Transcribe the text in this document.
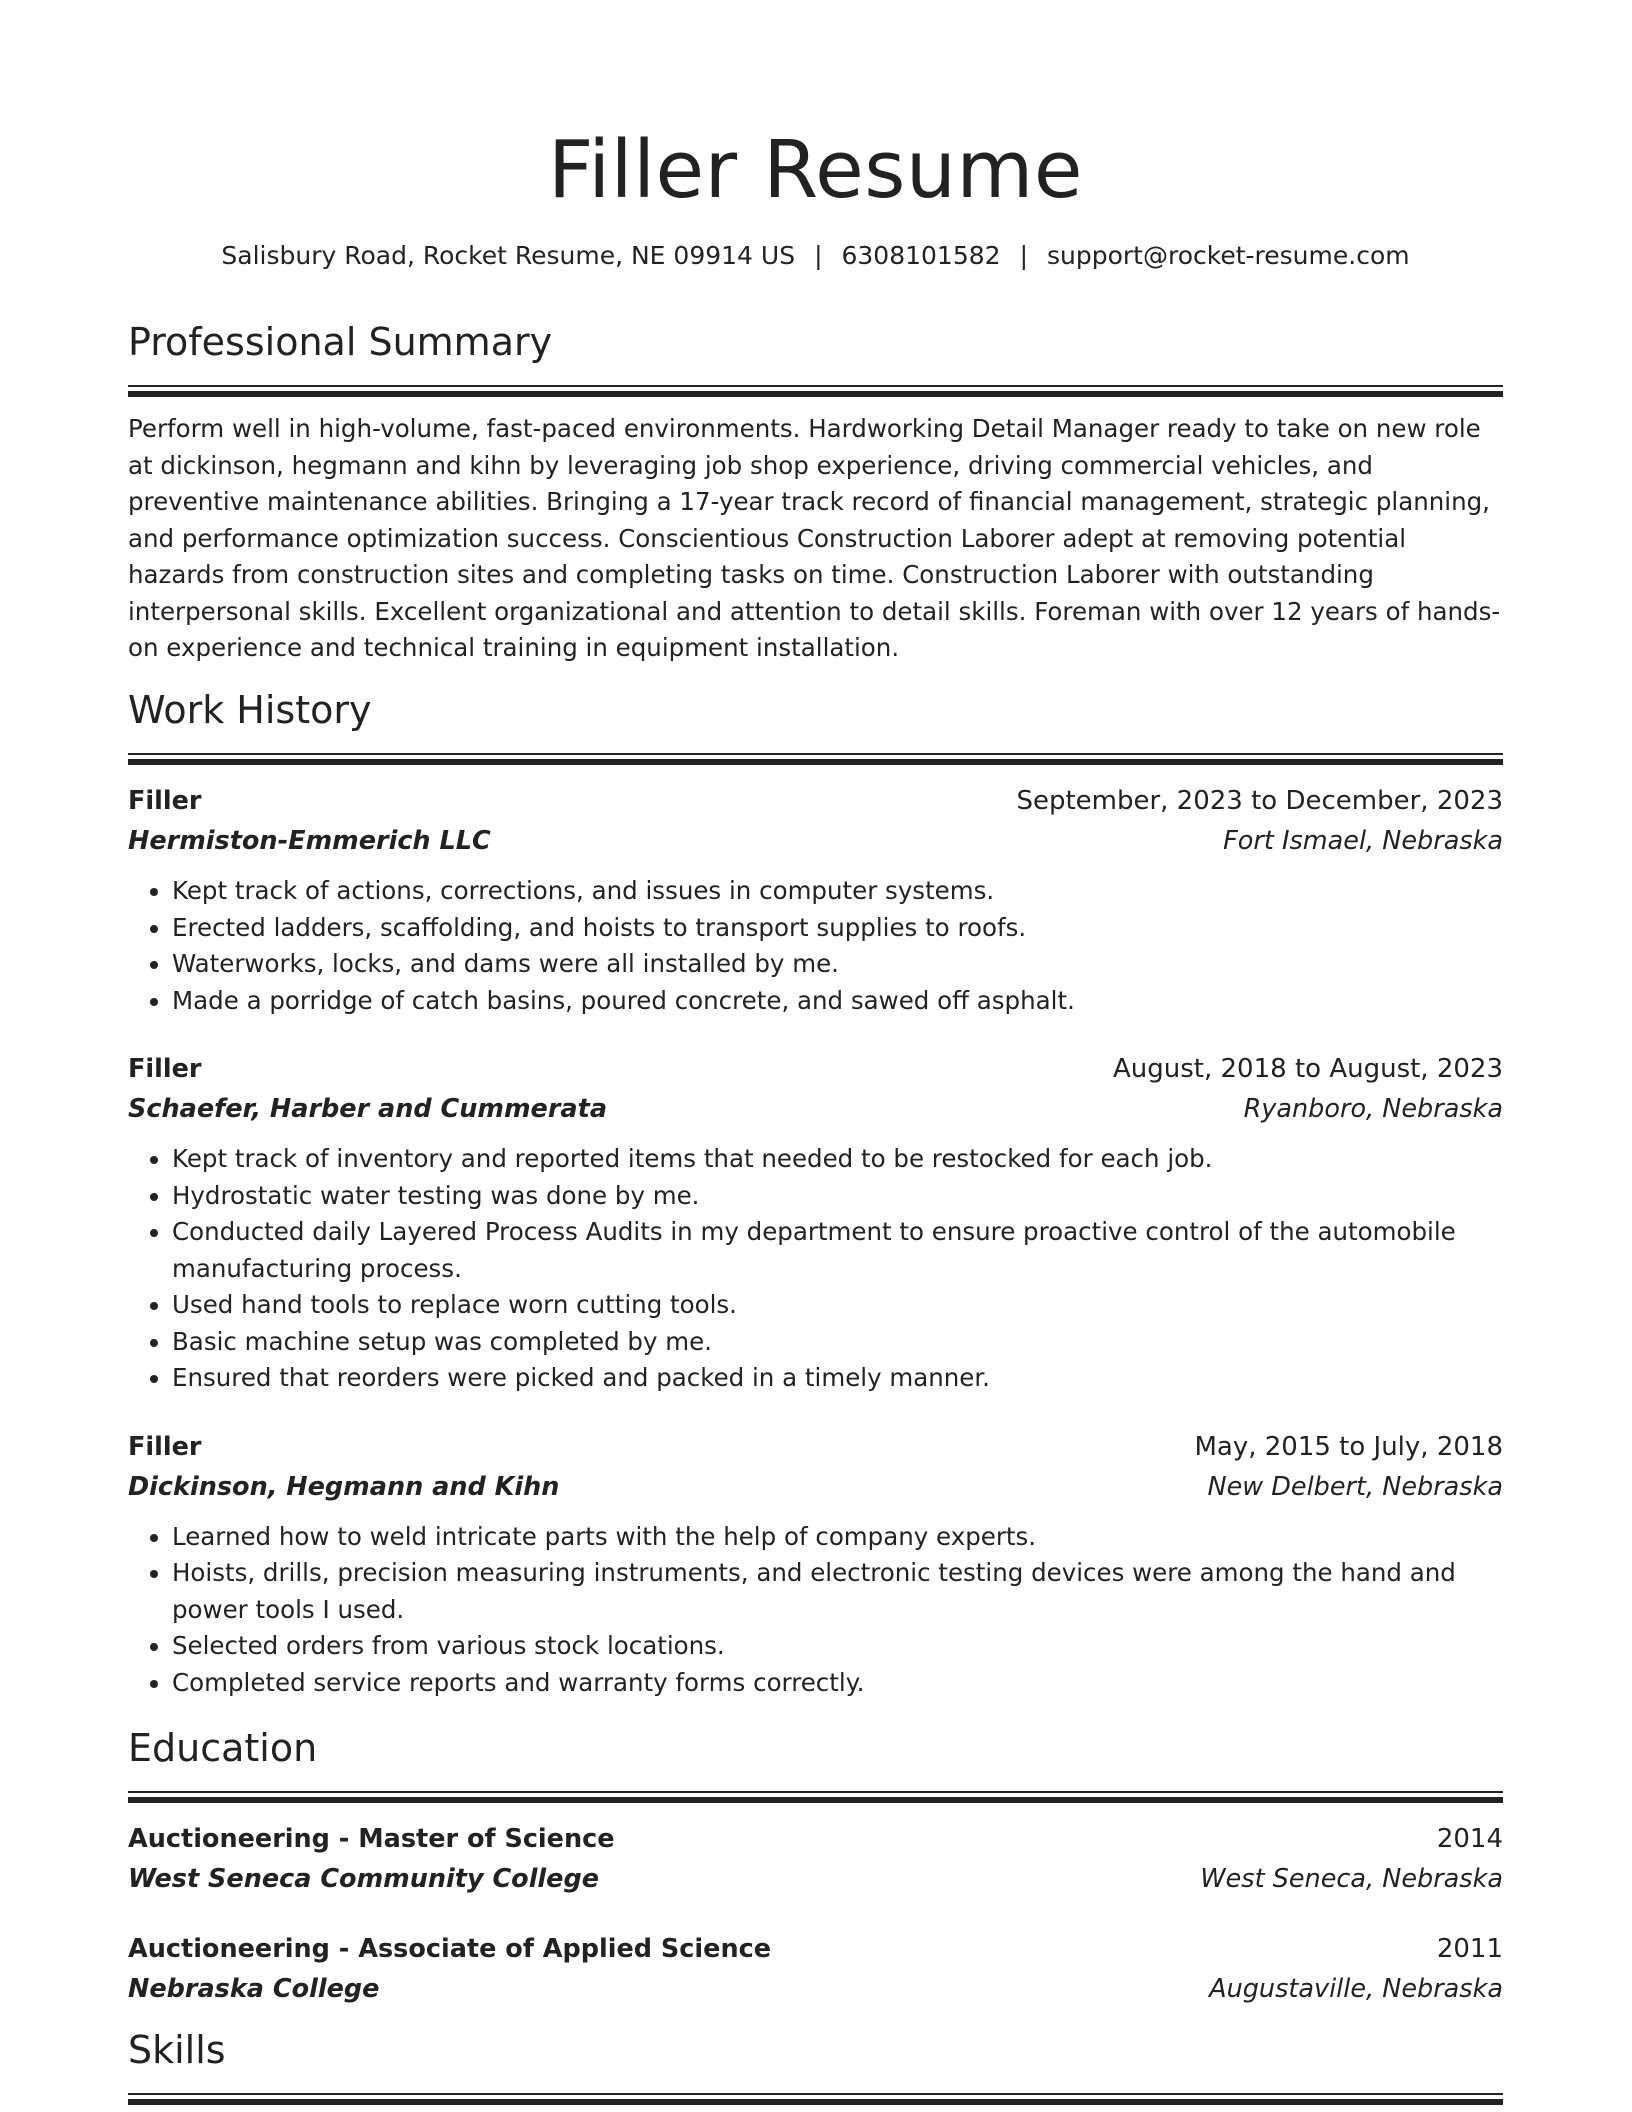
Filler Resume
Salisbury Road, Rocket Resume, NE 09914 US | 6308101582 | support@rocket-resume.com
Professional Summary
Perform well in high-volume, fast-paced environments. Hardworking Detail Manager ready to take on new role at dickinson, hegmann and kihn by leveraging job shop experience, driving commercial vehicles, and preventive maintenance abilities. Bringing a 17-year track record of financial management, strategic planning, and performance optimization success. Conscientious Construction Laborer adept at removing potential hazards from construction sites and completing tasks on time. Construction Laborer with outstanding interpersonal skills. Excellent organizational and attention to detail skills. Foreman with over 12 years of hands-on experience and technical training in equipment installation.
Work History
Filler	September, 2023 to December, 2023
Hermiston-Emmerich LLC	Fort Ismael, Nebraska
• Kept track of actions, corrections, and issues in computer systems.
• Erected ladders, scaffolding, and hoists to transport supplies to roofs.
• Waterworks, locks, and dams were all installed by me.
• Made a porridge of catch basins, poured concrete, and sawed off asphalt.
Filler	August, 2018 to August, 2023
Schaefer, Harber and Cummerata	Ryanboro, Nebraska
• Kept track of inventory and reported items that needed to be restocked for each job.
• Hydrostatic water testing was done by me.
• Conducted daily Layered Process Audits in my department to ensure proactive control of the automobile manufacturing process.
• Used hand tools to replace worn cutting tools.
• Basic machine setup was completed by me.
• Ensured that reorders were picked and packed in a timely manner.
Filler	May, 2015 to July, 2018
Dickinson, Hegmann and Kihn	New Delbert, Nebraska
• Learned how to weld intricate parts with the help of company experts.
• Hoists, drills, precision measuring instruments, and electronic testing devices were among the hand and power tools I used.
• Selected orders from various stock locations.
• Completed service reports and warranty forms correctly.
Education
Auctioneering - Master of Science	2014
West Seneca Community College	West Seneca, Nebraska
Auctioneering - Associate of Applied Science	2011
Nebraska College	Augustaville, Nebraska
Skills
